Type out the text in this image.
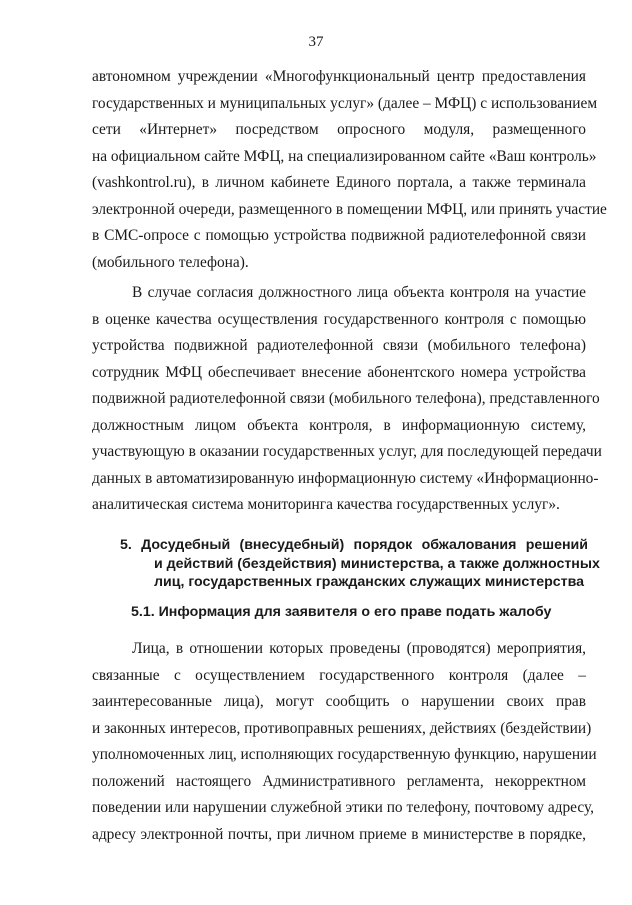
37
автономном учреждении «Многофункциональный центр предоставления
государственных и муниципальных услуг» (далее – МФЦ) с использованием
сети «Интернет» посредством опросного модуля, размещенного
на официальном сайте МФЦ, на специализированном сайте «Ваш контроль»
(vashkontrol.ru), в личном кабинете Единого портала, а также терминала
электронной очереди, размещенного в помещении МФЦ, или принять участие
в СМС-опросе с помощью устройства подвижной радиотелефонной связи
(мобильного телефона).
В случае согласия должностного лица объекта контроля на участие
в оценке качества осуществления государственного контроля с помощью
устройства подвижной радиотелефонной связи (мобильного телефона)
сотрудник МФЦ обеспечивает внесение абонентского номера устройства
подвижной радиотелефонной связи (мобильного телефона), представленного
должностным лицом объекта контроля, в информационную систему,
участвующую в оказании государственных услуг, для последующей передачи
данных в автоматизированную информационную систему «Информационно-
аналитическая система мониторинга качества государственных услуг».
5. Досудебный (внесудебный) порядок обжалования решений
и действий (бездействия) министерства, а также должностных
лиц, государственных гражданских служащих министерства
5.1. Информация для заявителя о его праве подать жалобу
Лица, в отношении которых проведены (проводятся) мероприятия,
связанные с осуществлением государственного контроля (далее –
заинтересованные лица), могут сообщить о нарушении своих прав
и законных интересов, противоправных решениях, действиях (бездействии)
уполномоченных лиц, исполняющих государственную функцию, нарушении
положений настоящего Административного регламента, некорректном
поведении или нарушении служебной этики по телефону, почтовому адресу,
адресу электронной почты, при личном приеме в министерстве в порядке,
